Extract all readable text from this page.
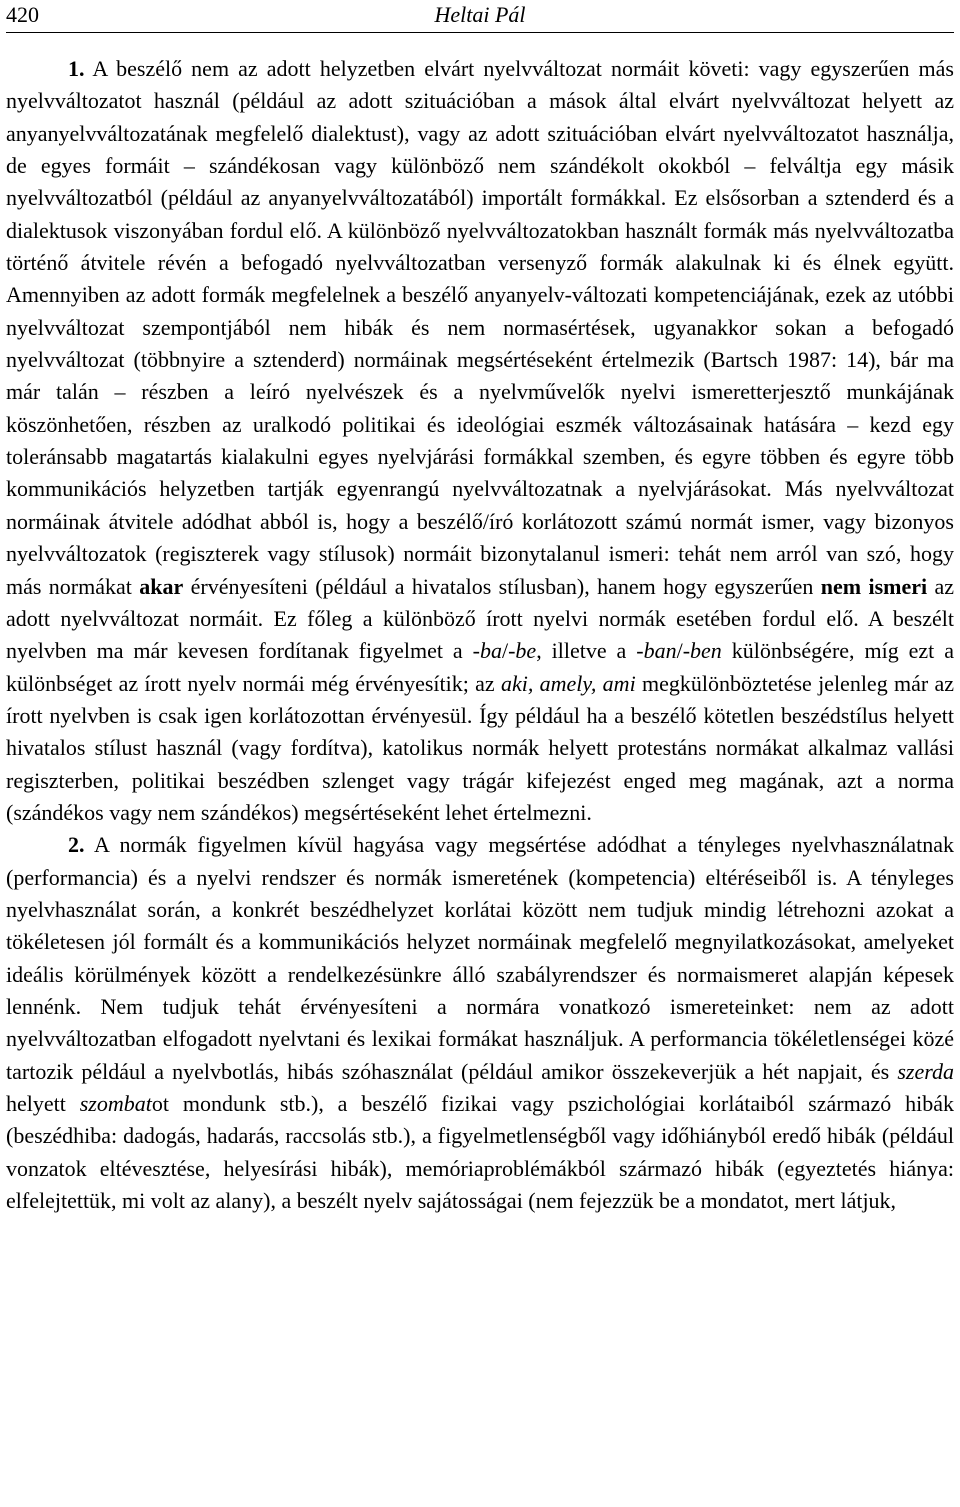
420	Heltai Pál

1. A beszélő nem az adott helyzetben elvárt nyelvváltozat normáit követi: vagy egyszerűen más nyelvváltozatot használ (például az adott szituációban a mások által elvárt nyelvváltozat helyett az anyanyelvváltozatának megfelelő dialektust), vagy az adott szituációban elvárt nyelvváltozatot használja, de egyes formáit – szándékosan vagy különböző nem szándékolt okokból – felváltja egy másik nyelvváltozatból (például az anyanyelvváltozatából) importált formákkal. Ez elsősorban a sztenderd és a dialektusok viszonyában fordul elő. A különböző nyelvváltozatokban használt formák más nyelvváltozatba történő átvitele révén a befogadó nyelvváltozatban versenyző formák alakulnak ki és élnek együtt. Amennyiben az adott formák megfelelnek a beszélő anyanyelv-változati kompetenciájának, ezek az utóbbi nyelvváltozat szempontjából nem hibák és nem normasértések, ugyanakkor sokan a befogadó nyelvváltozat (többnyire a sztenderd) normáinak megsértéseként értelmezik (Bartsch 1987: 14), bár ma már talán – részben a leíró nyelvészek és a nyelvművelők nyelvi ismeretterjesztő munkájának köszönhetően, részben az uralkodó politikai és ideológiai eszmék változásainak hatására – kezd egy toleránsabb magatartás kialakulni egyes nyelvjárási formákkal szemben, és egyre többen és egyre több kommunikációs helyzetben tartják egyenrangú nyelvváltozatnak a nyelvjárásokat. Más nyelvváltozat normáinak átvitele adódhat abból is, hogy a beszélő/író korlátozott számú normát ismer, vagy bizonyos nyelvváltozatok (regiszterek vagy stílusok) normáit bizonytalanul ismeri: tehát nem arról van szó, hogy más normákat akar érvényesíteni (például a hivatalos stílusban), hanem hogy egyszerűen nem ismeri az adott nyelvváltozat normáit. Ez főleg a különböző írott nyelvi normák esetében fordul elő. A beszélt nyelvben ma már kevesen fordítanak figyelmet a -ba/-be, illetve a -ban/-ben különbségére, míg ezt a különbséget az írott nyelv normái még érvényesítik; az aki, amely, ami megkülönböztetése jelenleg már az írott nyelvben is csak igen korlátozottan érvényesül. Így például ha a beszélő kötetlen beszédstílus helyett hivatalos stílust használ (vagy fordítva), katolikus normák helyett protestáns normákat alkalmaz vallási regiszterben, politikai beszédben szlenget vagy trágár kifejezést enged meg magának, azt a norma (szándékos vagy nem szándékos) megsértéseként lehet értelmezni.

2. A normák figyelmen kívül hagyása vagy megsértése adódhat a tényleges nyelvhasználatnak (performancia) és a nyelvi rendszer és normák ismeretének (kompetencia) eltéréseiből is. A tényleges nyelvhasználat során, a konkrét beszédhelyzet korlátai között nem tudjuk mindig létrehozni azokat a tökéletesen jól formált és a kommunikációs helyzet normáinak megfelelő megnyilatkozásokat, amelyeket ideális körülmények között a rendelkezésünkre álló szabályrendszer és normaismeret alapján képesek lennénk. Nem tudjuk tehát érvényesíteni a normára vonatkozó ismereteinket: nem az adott nyelvváltozatban elfogadott nyelvtani és lexikai formákat használjuk. A performancia tökéletlenségei közé tartozik például a nyelvbotlás, hibás szóhasználat (például amikor összekeverjük a hét napjait, és szerda helyett szombatot mondunk stb.), a beszélő fizikai vagy pszichológiai korlátaiból származó hibák (beszédhiba: dadogás, hadarás, raccsolás stb.), a figyelmetlenségből vagy időhiányból eredő hibák (például vonzatok eltévesztése, helyesírási hibák), memóriaproblémákból származó hibák (egyeztetés hiánya: elfelejtettük, mi volt az alany), a beszélt nyelv sajátosságai (nem fejezzük be a mondatot, mert látjuk,
